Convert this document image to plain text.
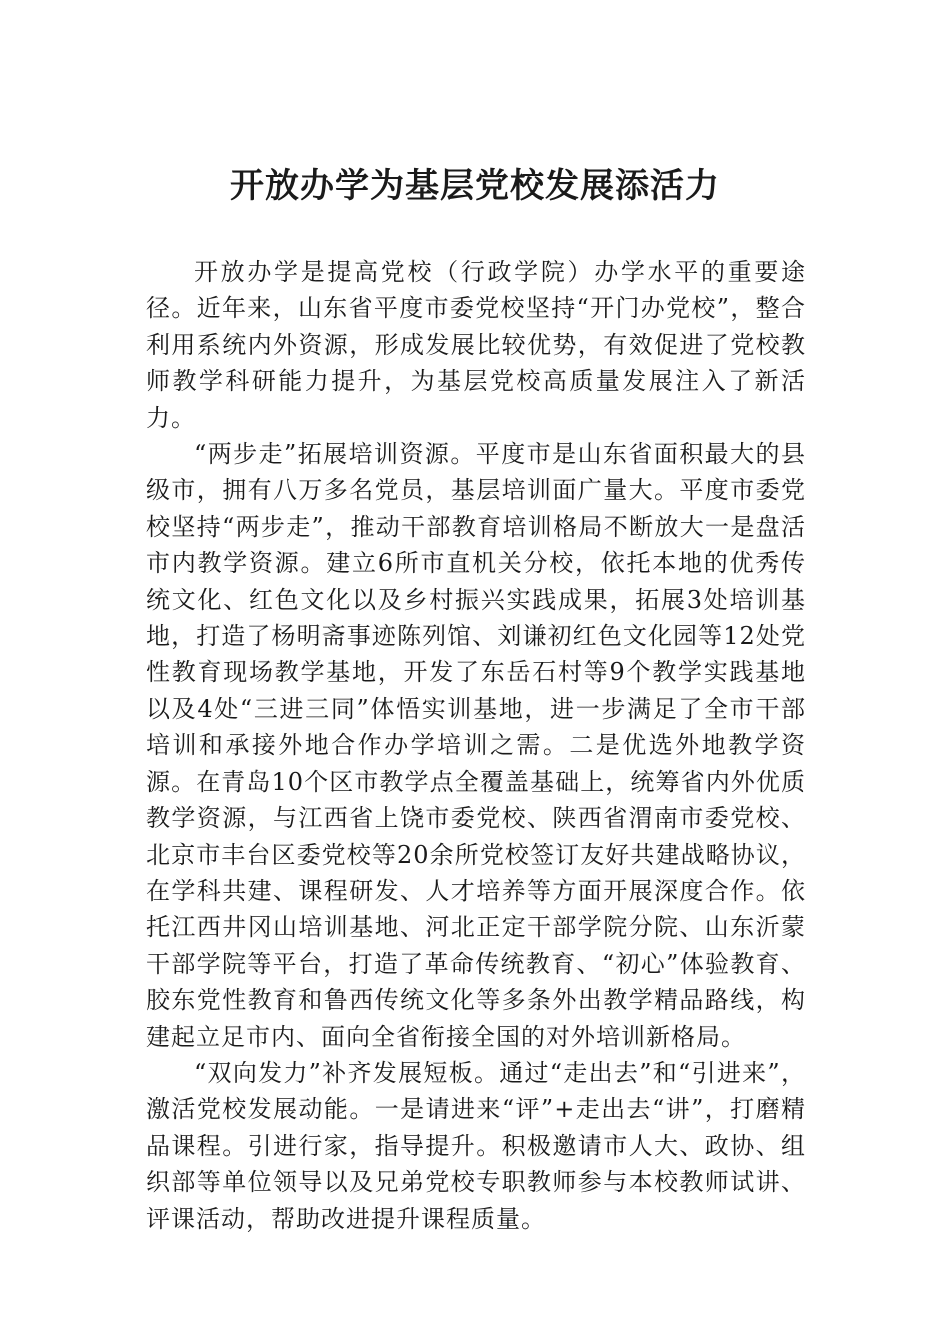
开放办学为基层党校发展添活力

开放办学是提高党校（行政学院）办学水平的重要途径。近年来，山东省平度市委党校坚持“开门办党校”，整合利用系统内外资源，形成发展比较优势，有效促进了党校教师教学科研能力提升，为基层党校高质量发展注入了新活力。

“两步走”拓展培训资源。平度市是山东省面积最大的县级市，拥有八万多名党员，基层培训面广量大。平度市委党校坚持“两步走”，推动干部教育培训格局不断放大一是盘活市内教学资源。建立6所市直机关分校，依托本地的优秀传统文化、红色文化以及乡村振兴实践成果，拓展3处培训基地，打造了杨明斋事迹陈列馆、刘谦初红色文化园等12处党性教育现场教学基地，开发了东岳石村等9个教学实践基地以及4处“三进三同”体悟实训基地，进一步满足了全市干部培训和承接外地合作办学培训之需。二是优选外地教学资源。在青岛10个区市教学点全覆盖基础上，统筹省内外优质教学资源，与江西省上饶市委党校、陕西省渭南市委党校、北京市丰台区委党校等20余所党校签订友好共建战略协议，在学科共建、课程研发、人才培养等方面开展深度合作。依托江西井冈山培训基地、河北正定干部学院分院、山东沂蒙干部学院等平台，打造了革命传统教育、“初心”体验教育、胶东党性教育和鲁西传统文化等多条外出教学精品路线，构建起立足市内、面向全省衔接全国的对外培训新格局。

“双向发力”补齐发展短板。通过“走出去”和“引进来”，激活党校发展动能。一是请进来“评”+走出去“讲”，打磨精品课程。引进行家，指导提升。积极邀请市人大、政协、组织部等单位领导以及兄弟党校专职教师参与本校教师试讲、评课活动，帮助改进提升课程质量。
